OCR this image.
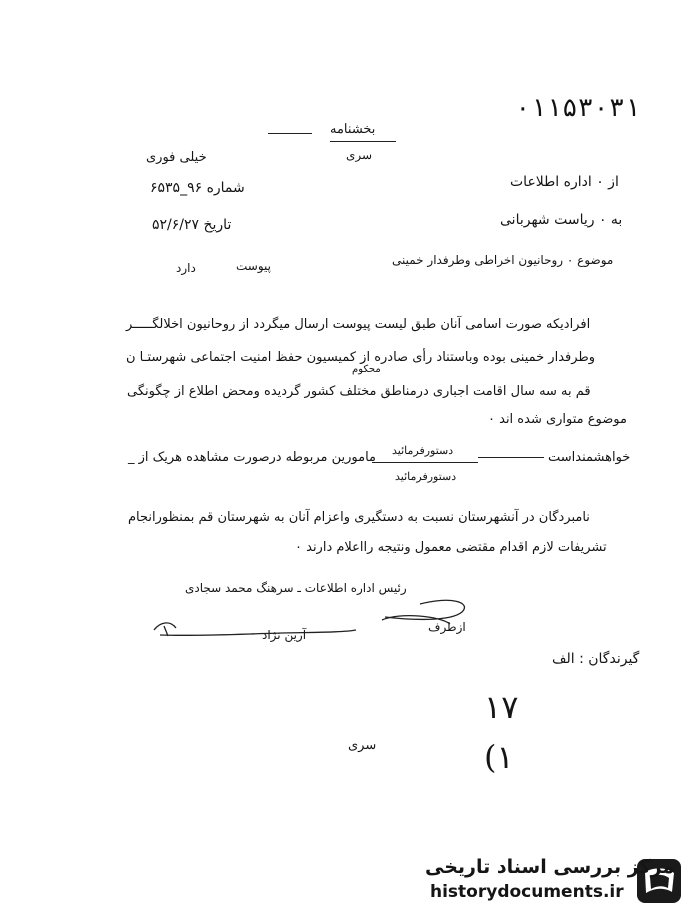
۰۱۱۵۳۰۳۱
بخشنامه
سری
خیلی فوری
از ۰ اداره اطلاعات
شماره ۹۶_۶۵۳۵
به ۰ ریاست شهربانی
تاریخ ۵۲/۶/۲۷
موضوع ۰ روحانیون اخراطی وطرفدار خمینی
پیوست
دارد
افرادیکه صورت اسامی آنان طبق لیست پیوست ارسال میگردد از روحانیون اخلالگـــــر
وطرفدار خمینی بوده وباستناد رأی صادره از کمیسیون حفظ امنیت اجتماعی شهرستـا ن
محکوم
قم به سه سال اقامت اجباری درمناطق مختلف کشور گردیده ومحض اطلاع از چگونگی
موضوع متواری شده اند ۰
خواهشمنداست
دستورفرمائید
مامورین مربوطه درصورت مشاهده هریک از _
دستورفرمائید
نامبردگان در آنشهرستان نسبت به دستگیری واعزام آنان به شهرستان قم بمنظورانجام
تشریفات لازم اقدام مقتضی معمول ونتیجه رااعلام دارند ۰
رئیس اداره اطلاعات ـ سرهنگ محمد سجادی
ازطرف
آرین نژاد
گیرندگان : الف
۱۷
(۱
سری
مرکز بررسی اسناد تاریخی
historydocuments.ir
